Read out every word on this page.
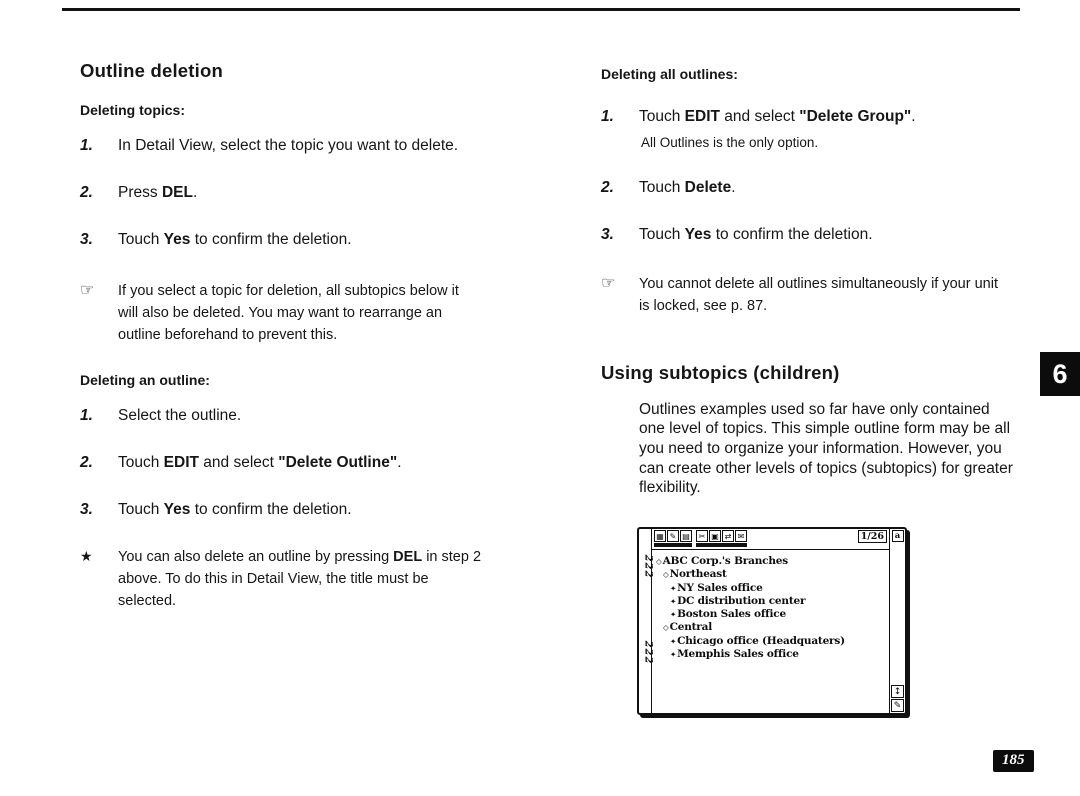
Outline deletion
Deleting topics:
1.	In Detail View, select the topic you want to delete.
2.	Press DEL.
3.	Touch Yes to confirm the deletion.
☞	If you select a topic for deletion, all subtopics below it will also be deleted. You may want to rearrange an outline beforehand to prevent this.
Deleting an outline:
1.	Select the outline.
2.	Touch EDIT and select "Delete Outline".
3.	Touch Yes to confirm the deletion.
★	You can also delete an outline by pressing DEL in step 2 above. To do this in Detail View, the title must be selected.
Deleting all outlines:
1.	Touch EDIT and select "Delete Group".
All Outlines is the only option.
2.	Touch Delete.
3.	Touch Yes to confirm the deletion.
☞	You cannot delete all outlines simultaneously if your unit is locked, see p. 87.
Using subtopics (children)
Outlines examples used so far have only contained one level of topics. This simple outline form may be all you need to organize your information. However, you can create other levels of topics (subtopics) for greater flexibility.
222
222
▦ ✎ ▤	✂ ▣ ⇄ ✉	1/26
◇ ABC Corp.'s Branches
◇ Northeast
✦ NY Sales office
✦ DC distribution center
✦ Boston Sales office
◇ Central
✦ Chicago office (Headquaters)
✦ Memphis Sales office
a
↕
✎
6
185
